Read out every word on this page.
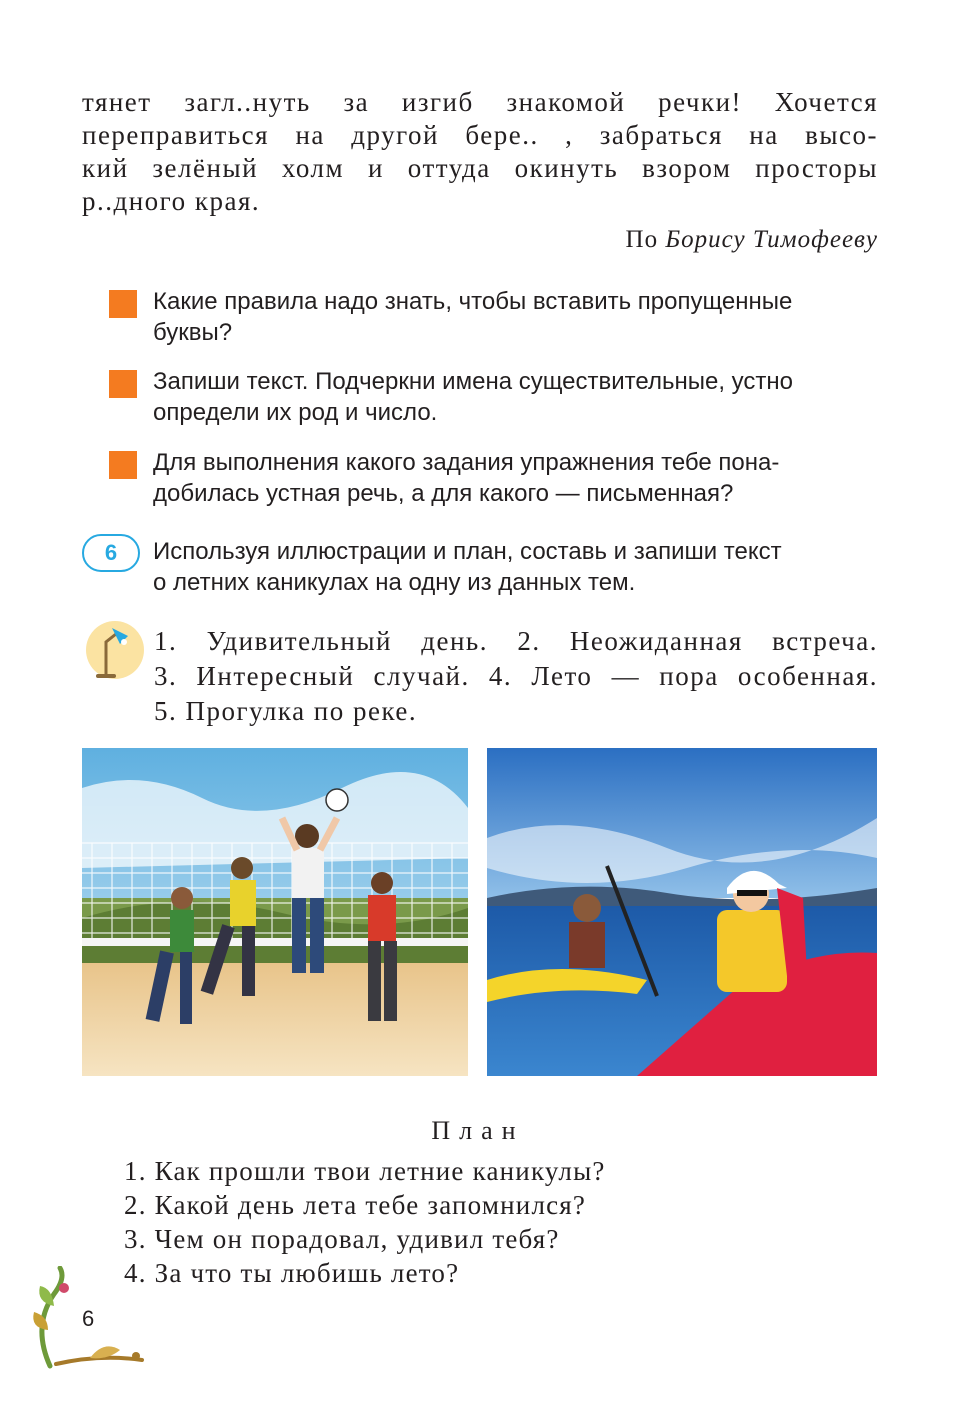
тянет загл..нуть за изгиб знакомой речки! Хочется
переправиться на другой бере.. , забраться на высо-
кий зелёный холм и оттуда окинуть взором просторы
р..дного края.
По Борису Тимофееву
Какие правила надо знать, чтобы вставить пропущенные
буквы?
Запиши текст. Подчеркни имена существительные, устно
определи их род и число.
Для выполнения какого задания упражнения тебе пона-
добилась устная речь, а для какого — письменная?
6	Используя иллюстрации и план, составь и запиши текст
о летних каникулах на одну из данных тем.
1. Удивительный день. 2. Неожиданная встреча.
3. Интересный случай. 4. Лето — пора особенная.
5. Прогулка по реке.
План
1. Как прошли твои летние каникулы?
2. Какой день лета тебе запомнился?
3. Чем он порадовал, удивил тебя?
4. За что ты любишь лето?
6
